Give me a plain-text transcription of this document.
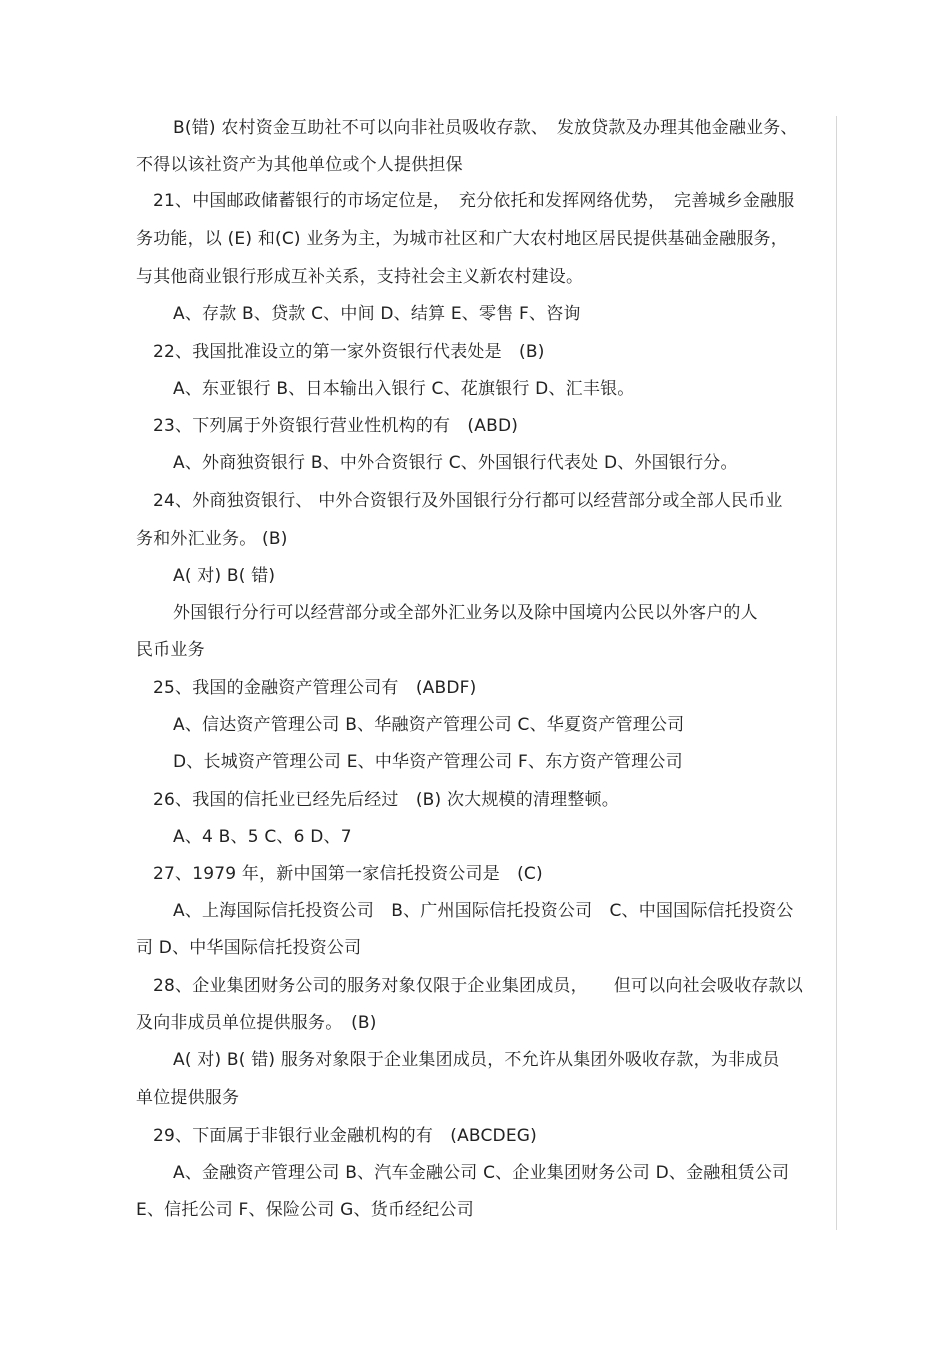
B(错) 农村资金互助社不可以向非社员吸收存款、　发放贷款及办理其他金融业务、
不得以该社资产为其他单位或个人提供担保
21、中国邮政储蓄银行的市场定位是，　充分依托和发挥网络优势，　完善城乡金融服
务功能，以 (E) 和(C) 业务为主，为城市社区和广大农村地区居民提供基础金融服务，
与其他商业银行形成互补关系，支持社会主义新农村建设。
A、存款 B、贷款 C、中间 D、结算 E、零售 F、咨询
22、我国批准设立的第一家外资银行代表处是　(B)
A、东亚银行 B、日本输出入银行 C、花旗银行 D、汇丰银。
23、下列属于外资银行营业性机构的有　(ABD)
A、外商独资银行 B、中外合资银行 C、外国银行代表处 D、外国银行分。
24、外商独资银行、 中外合资银行及外国银行分行都可以经营部分或全部人民币业
务和外汇业务。 (B)
A( 对) B( 错)
外国银行分行可以经营部分或全部外汇业务以及除中国境内公民以外客户的人
民币业务
25、我国的金融资产管理公司有　(ABDF)
A、信达资产管理公司 B、华融资产管理公司 C、华夏资产管理公司
D、长城资产管理公司 E、中华资产管理公司 F、东方资产管理公司
26、我国的信托业已经先后经过　(B) 次大规模的清理整顿。
A、4 B、5 C、6 D、7
27、1979 年，新中国第一家信托投资公司是　(C)
A、上海国际信托投资公司　B、广州国际信托投资公司　C、中国国际信托投资公
司 D、中华国际信托投资公司
28、企业集团财务公司的服务对象仅限于企业集团成员，　　但可以向社会吸收存款以
及向非成员单位提供服务。　(B)
A( 对) B( 错) 服务对象限于企业集团成员，不允许从集团外吸收存款，为非成员
单位提供服务
29、下面属于非银行业金融机构的有　(ABCDEG)
A、金融资产管理公司 B、汽车金融公司 C、企业集团财务公司 D、金融租赁公司
E、信托公司 F、保险公司 G、货币经纪公司
